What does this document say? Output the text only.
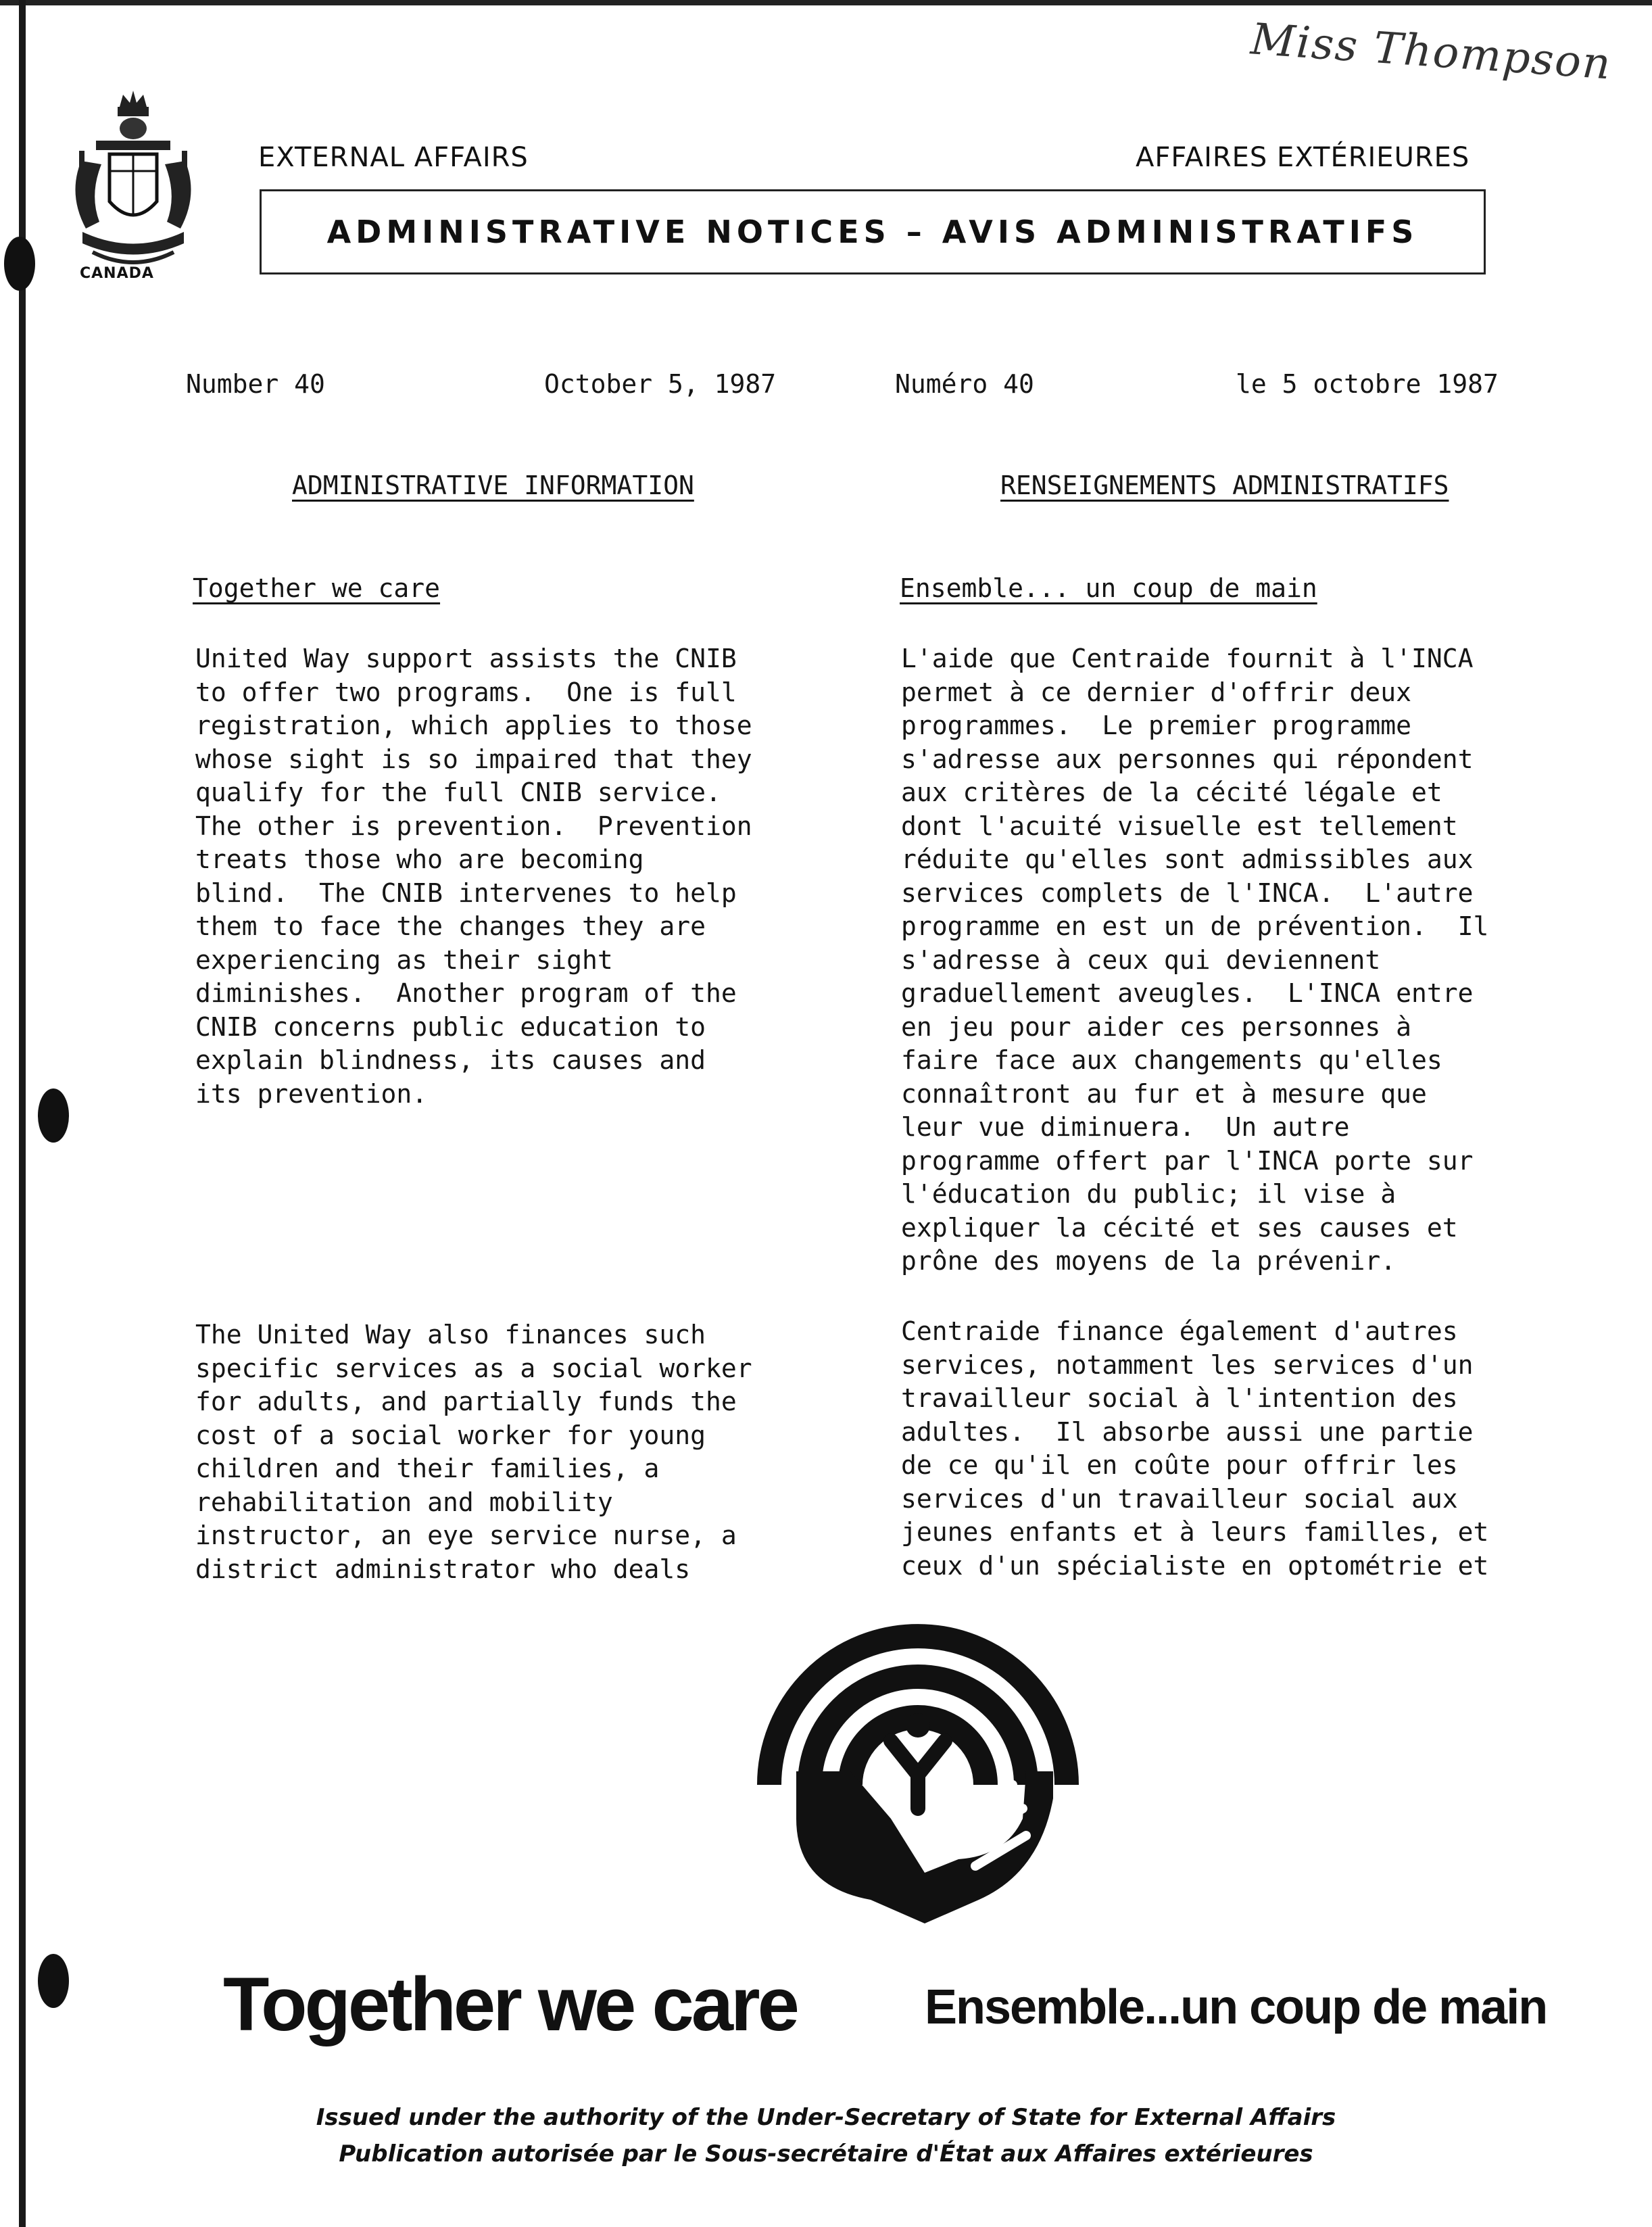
Miss Thompson
CANADA
EXTERNAL AFFAIRS	AFFAIRES EXTÉRIEURES
ADMINISTRATIVE NOTICES – AVIS ADMINISTRATIFS
Number 40	October 5, 1987	Numéro 40	le 5 octobre 1987
ADMINISTRATIVE INFORMATION	RENSEIGNEMENTS ADMINISTRATIFS
Together we care	Ensemble... un coup de main

United Way support assists the CNIB

to offer two programs.  One is full

registration, which applies to those

whose sight is so impaired that they

qualify for the full CNIB service.

The other is prevention.  Prevention

treats those who are becoming

blind.  The CNIB intervenes to help

them to face the changes they are

experiencing as their sight

diminishes.  Another program of the

CNIB concerns public education to

explain blindness, its causes and

its prevention.

L'aide que Centraide fournit à l'INCA

permet à ce dernier d'offrir deux

programmes.  Le premier programme

s'adresse aux personnes qui répondent

aux critères de la cécité légale et

dont l'acuité visuelle est tellement

réduite qu'elles sont admissibles aux

services complets de l'INCA.  L'autre

programme en est un de prévention.  Il

s'adresse à ceux qui deviennent

graduellement aveugles.  L'INCA entre

en jeu pour aider ces personnes à

faire face aux changements qu'elles

connaîtront au fur et à mesure que

leur vue diminuera.  Un autre

programme offert par l'INCA porte sur

l'éducation du public; il vise à

expliquer la cécité et ses causes et

prône des moyens de la prévenir.

The United Way also finances such

specific services as a social worker

for adults, and partially funds the

cost of a social worker for young

children and their families, a

rehabilitation and mobility

instructor, an eye service nurse, a

district administrator who deals

Centraide finance également d'autres

services, notamment les services d'un

travailleur social à l'intention des

adultes.  Il absorbe aussi une partie

de ce qu'il en coûte pour offrir les

services d'un travailleur social aux

jeunes enfants et à leurs familles, et

ceux d'un spécialiste en optométrie et

Together we care	Ensemble...un coup de main
Issued under the authority of the Under-Secretary of State for External Affairs
Publication autorisée par le Sous-secrétaire d'État aux Affaires extérieures
